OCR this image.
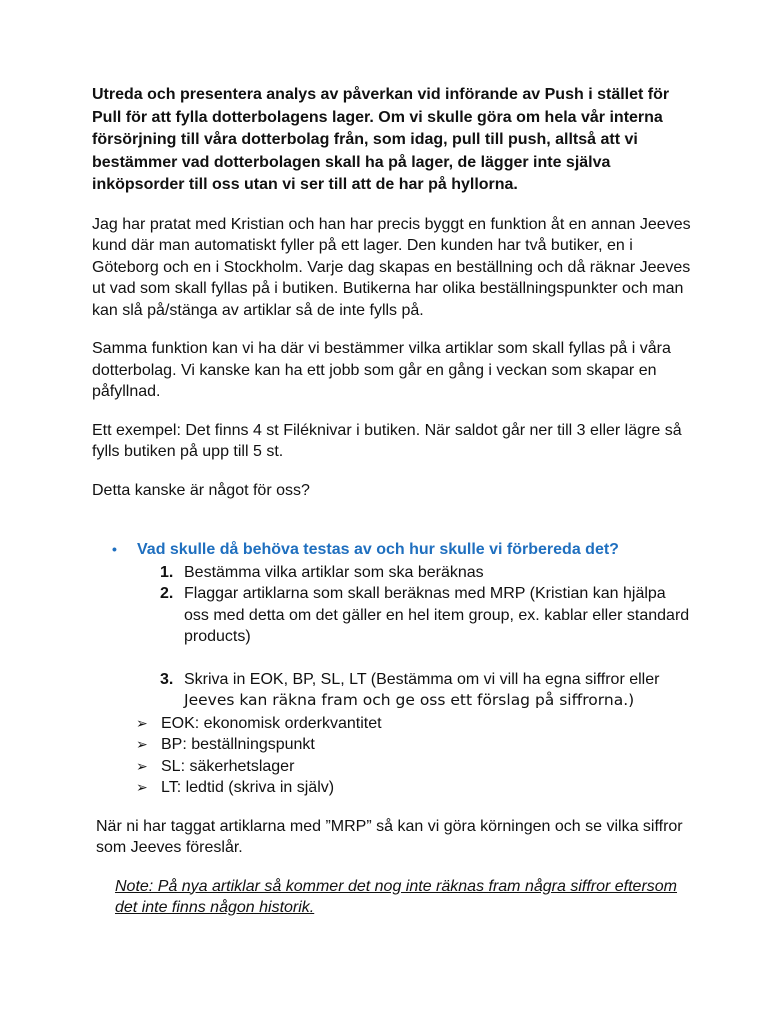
Utreda och presentera analys av påverkan vid införande av Push i stället för Pull för att fylla dotterbolagens lager. Om vi skulle göra om hela vår interna försörjning till våra dotterbolag från, som idag, pull till push, alltså att vi bestämmer vad dotterbolagen skall ha på lager, de lägger inte själva inköpsorder till oss utan vi ser till att de har på hyllorna.

Jag har pratat med Kristian och han har precis byggt en funktion åt en annan Jeeves kund där man automatiskt fyller på ett lager. Den kunden har två butiker, en i Göteborg och en i Stockholm. Varje dag skapas en beställning och då räknar Jeeves ut vad som skall fyllas på i butiken. Butikerna har olika beställningspunkter och man kan slå på/stänga av artiklar så de inte fylls på.

Samma funktion kan vi ha där vi bestämmer vilka artiklar som skall fyllas på i våra dotterbolag. Vi kanske kan ha ett jobb som går en gång i veckan som skapar en påfyllnad.

Ett exempel: Det finns 4 st Filéknivar i butiken. När saldot går ner till 3 eller lägre så fylls butiken på upp till 5 st.

Detta kanske är något för oss?

• Vad skulle då behöva testas av och hur skulle vi förbereda det?
1. Bestämma vilka artiklar som ska beräknas
2. Flaggar artiklarna som skall beräknas med MRP (Kristian kan hjälpa oss med detta om det gäller en hel item group, ex. kablar eller standard products)
3. Skriva in EOK, BP, SL, LT (Bestämma om vi vill ha egna siffror eller
Jeeves kan räkna fram och ge oss ett förslag på siffrorna.)
➢ EOK: ekonomisk orderkvantitet
➢ BP: beställningspunkt
➢ SL: säkerhetslager
➢ LT: ledtid (skriva in själv)

När ni har taggat artiklarna med ”MRP” så kan vi göra körningen och se vilka siffror som Jeeves föreslår.

Note: På nya artiklar så kommer det nog inte räknas fram några siffror eftersom det inte finns någon historik.
